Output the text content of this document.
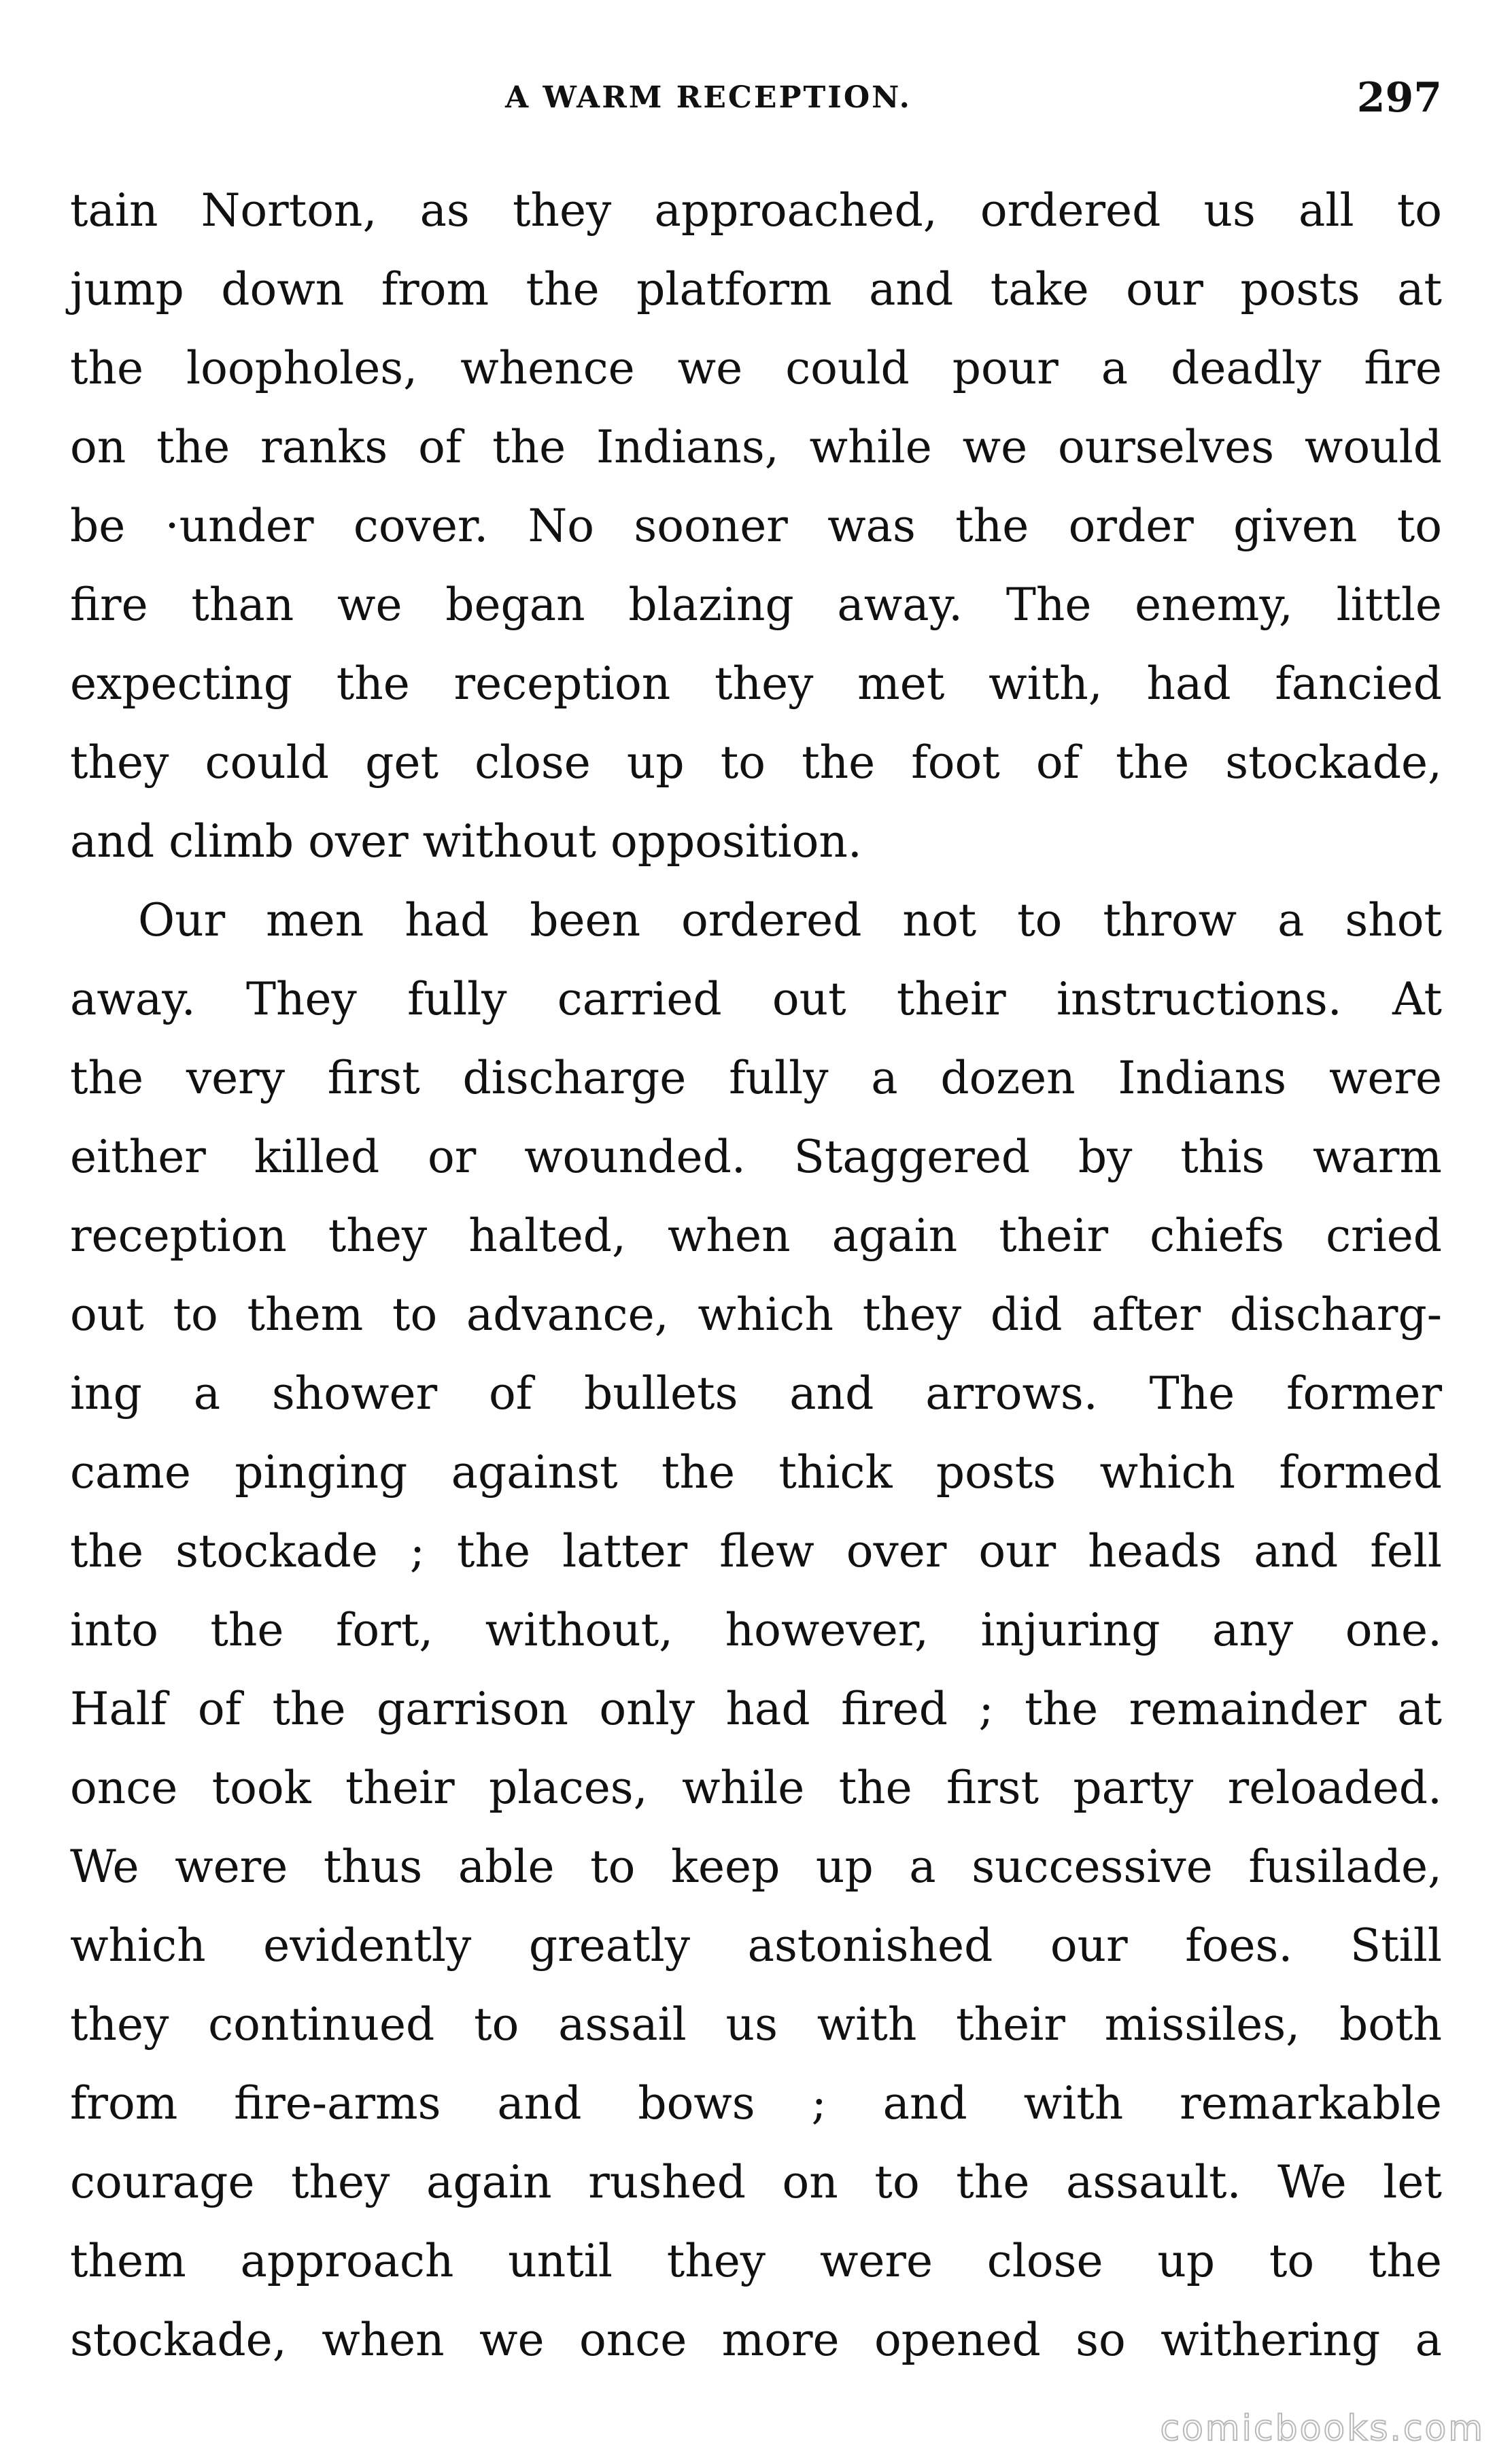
A WARM RECEPTION.	297
tain Norton, as they approached, ordered us all to
jump down from the platform and take our posts at
the loopholes, whence we could pour a deadly fire
on the ranks of the Indians, while we ourselves would
be ·under cover. No sooner was the order given to
fire than we began blazing away. The enemy, little
expecting the reception they met with, had fancied
they could get close up to the foot of the stockade,
and climb over without opposition.
Our men had been ordered not to throw a shot
away. They fully carried out their instructions. At
the very first discharge fully a dozen Indians were
either killed or wounded. Staggered by this warm
reception they halted, when again their chiefs cried
out to them to advance, which they did after discharg-
ing a shower of bullets and arrows. The former
came pinging against the thick posts which formed
the stockade ; the latter flew over our heads and fell
into the fort, without, however, injuring any one.
Half of the garrison only had fired ; the remainder at
once took their places, while the first party reloaded.
We were thus able to keep up a successive fusilade,
which evidently greatly astonished our foes. Still
they continued to assail us with their missiles, both
from fire-arms and bows ; and with remarkable
courage they again rushed on to the assault. We let
them approach until they were close up to the
stockade, when we once more opened so withering a
comicbooks.com
